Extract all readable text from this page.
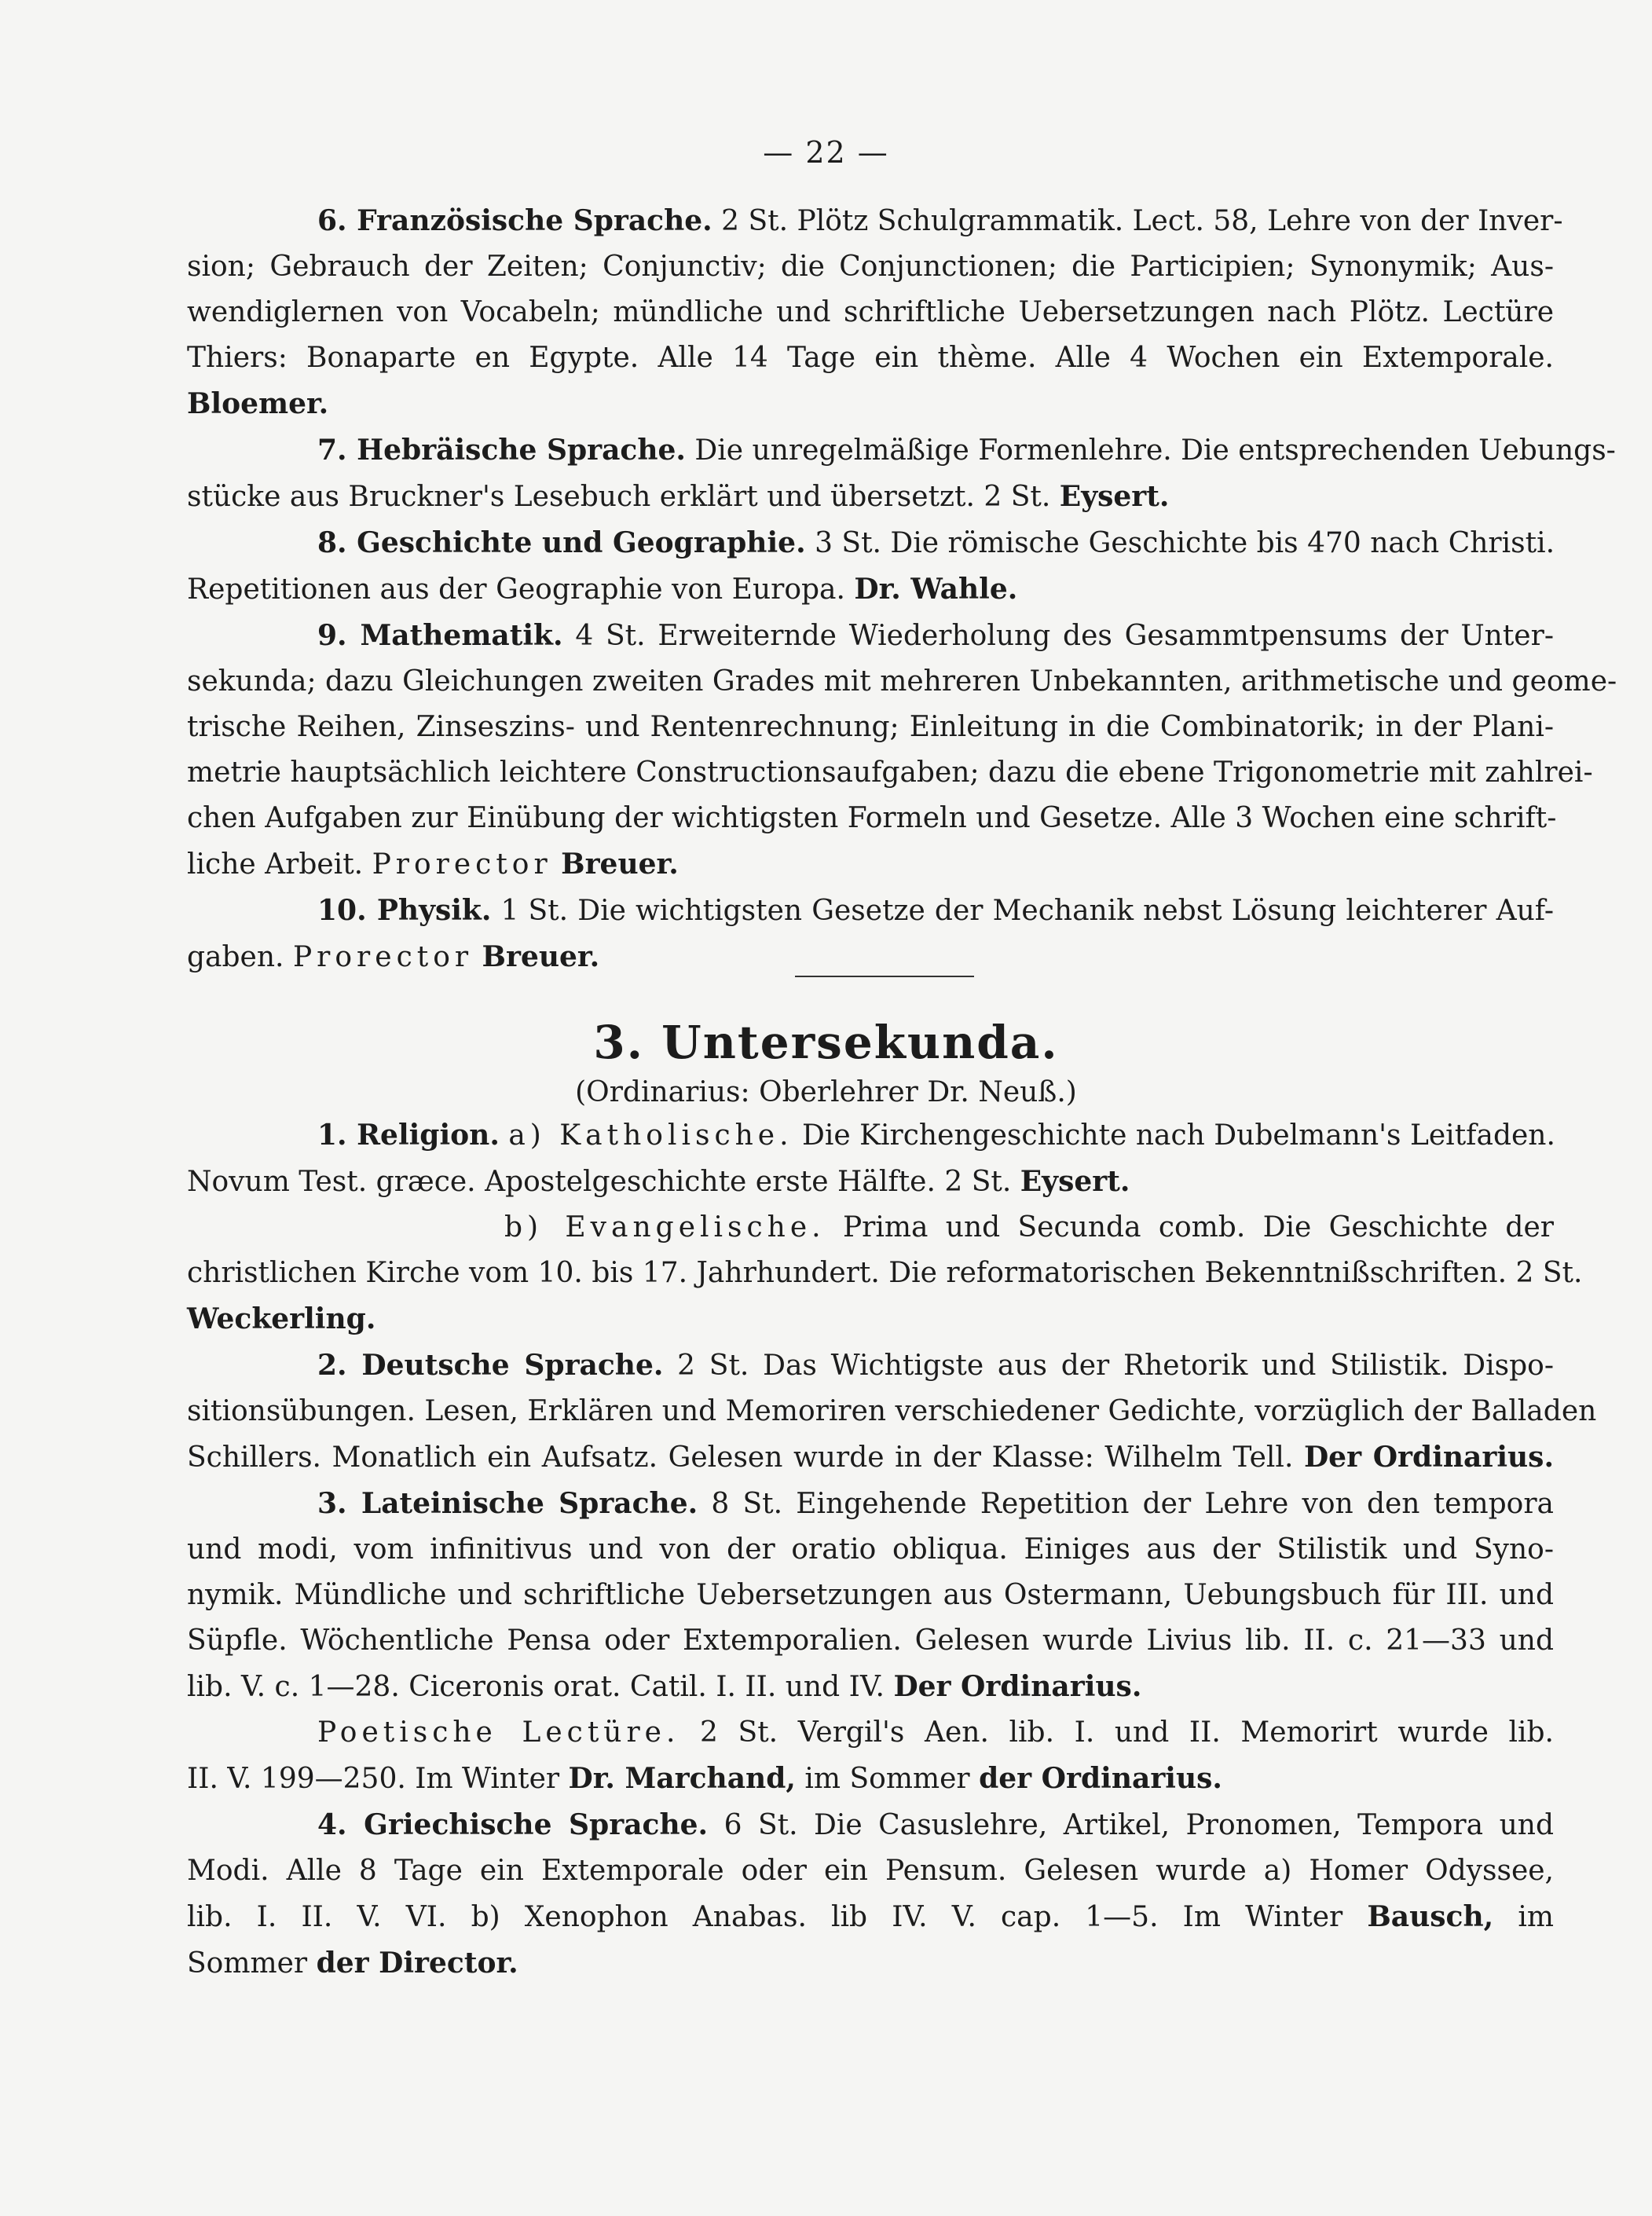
— 22 —
6. Französische Sprache. 2 St. Plötz Schulgrammatik. Lect. 58, Lehre von der Inver-
sion; Gebrauch der Zeiten; Conjunctiv; die Conjunctionen; die Participien; Synonymik; Aus-
wendiglernen von Vocabeln; mündliche und schriftliche Uebersetzungen nach Plötz. Lectüre
Thiers: Bonaparte en Egypte. Alle 14 Tage ein thème. Alle 4 Wochen ein Extemporale.
Bloemer.
7. Hebräische Sprache. Die unregelmäßige Formenlehre. Die entsprechenden Uebungs-
stücke aus Bruckner's Lesebuch erklärt und übersetzt. 2 St. Eysert.
8. Geschichte und Geographie. 3 St. Die römische Geschichte bis 470 nach Christi.
Repetitionen aus der Geographie von Europa. Dr. Wahle.
9. Mathematik. 4 St. Erweiternde Wiederholung des Gesammtpensums der Unter-
sekunda; dazu Gleichungen zweiten Grades mit mehreren Unbekannten, arithmetische und geome-
trische Reihen, Zinseszins- und Rentenrechnung; Einleitung in die Combinatorik; in der Plani-
metrie hauptsächlich leichtere Constructionsaufgaben; dazu die ebene Trigonometrie mit zahlrei-
chen Aufgaben zur Einübung der wichtigsten Formeln und Gesetze. Alle 3 Wochen eine schrift-
liche Arbeit. Prorector Breuer.
10. Physik. 1 St. Die wichtigsten Gesetze der Mechanik nebst Lösung leichterer Auf-
gaben. Prorector Breuer.
3. Untersekunda.
(Ordinarius: Oberlehrer Dr. Neuß.)
1. Religion. a) Katholische. Die Kirchengeschichte nach Dubelmann's Leitfaden.
Novum Test. græce. Apostelgeschichte erste Hälfte. 2 St. Eysert.
b) Evangelische. Prima und Secunda comb. Die Geschichte der
christlichen Kirche vom 10. bis 17. Jahrhundert. Die reformatorischen Bekenntnißschriften. 2 St.
Weckerling.
2. Deutsche Sprache. 2 St. Das Wichtigste aus der Rhetorik und Stilistik. Dispo-
sitionsübungen. Lesen, Erklären und Memoriren verschiedener Gedichte, vorzüglich der Balladen
Schillers. Monatlich ein Aufsatz. Gelesen wurde in der Klasse: Wilhelm Tell. Der Ordinarius.
3. Lateinische Sprache. 8 St. Eingehende Repetition der Lehre von den tempora
und modi, vom infinitivus und von der oratio obliqua. Einiges aus der Stilistik und Syno-
nymik. Mündliche und schriftliche Uebersetzungen aus Ostermann, Uebungsbuch für III. und
Süpfle. Wöchentliche Pensa oder Extemporalien. Gelesen wurde Livius lib. II. c. 21—33 und
lib. V. c. 1—28. Ciceronis orat. Catil. I. II. und IV. Der Ordinarius.
Poetische Lectüre. 2 St. Vergil's Aen. lib. I. und II. Memorirt wurde lib.
II. V. 199—250. Im Winter Dr. Marchand, im Sommer der Ordinarius.
4. Griechische Sprache. 6 St. Die Casuslehre, Artikel, Pronomen, Tempora und
Modi. Alle 8 Tage ein Extemporale oder ein Pensum. Gelesen wurde a) Homer Odyssee,
lib. I. II. V. VI. b) Xenophon Anabas. lib IV. V. cap. 1—5. Im Winter Bausch, im
Sommer der Director.
